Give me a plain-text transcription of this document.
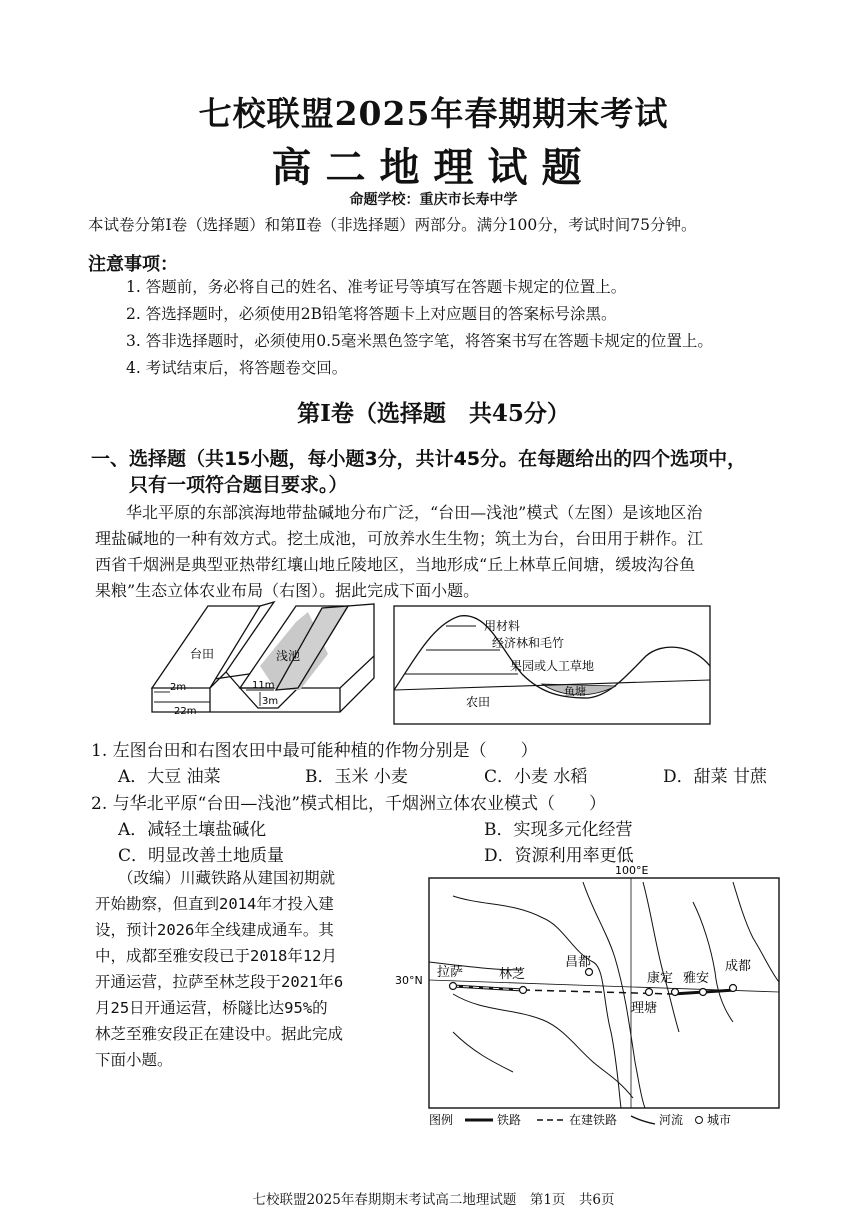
七校联盟2025年春期期末考试
高二地理试题
命题学校：重庆市长寿中学
本试卷分第Ⅰ卷（选择题）和第Ⅱ卷（非选择题）两部分。满分100分，考试时间75分钟。
注意事项：
1. 答题前，务必将自己的姓名、准考证号等填写在答题卡规定的位置上。
2. 答选择题时，必须使用2B铅笔将答题卡上对应题目的答案标号涂黑。
3. 答非选择题时，必须使用0.5毫米黑色签字笔，将答案书写在答题卡规定的位置上。
4. 考试结束后，将答题卷交回。
第Ⅰ卷（选择题　共45分）
一、选择题（共15小题，每小题3分，共计45分。在每题给出的四个选项中，
只有一项符合题目要求。）
华北平原的东部滨海地带盐碱地分布广泛，“台田—浅池”模式（左图）是该地区治
理盐碱地的一种有效方式。挖土成池，可放养水生生物；筑土为台，台田用于耕作。江
西省千烟洲是典型亚热带红壤山地丘陵地区，当地形成“丘上林草丘间塘，缓坡沟谷鱼
果粮”生态立体农业布局（右图）。据此完成下面小题。
台田	浅池
2m
22m
11m
3m
用材料
经济林和毛竹
果园或人工草地
农田
鱼塘
1. 左图台田和右图农田中最可能种植的作物分别是（　　）
A．大豆 油菜	B．玉米 小麦	C．小麦 水稻	D．甜菜 甘蔗
2. 与华北平原“台田—浅池”模式相比，千烟洲立体农业模式（　　）
A．减轻土壤盐碱化	B．实现多元化经营
C．明显改善土地质量	D．资源利用率更低
（改编）川藏铁路从建国初期就
开始勘察，但直到2014年才投入建
设，预计2026年全线建成通车。其
中，成都至雅安段已于2018年12月
开通运营，拉萨至林芝段于2021年6
月25日开通运营，桥隧比达95%的
林芝至雅安段正在建设中。据此完成
下面小题。
100°E
30°N
拉萨	林芝
昌都
康定 雅安
成都
理塘
图例	铁路	在建铁路	河流 城市
七校联盟2025年春期期末考试高二地理试题　第1页　共6页
